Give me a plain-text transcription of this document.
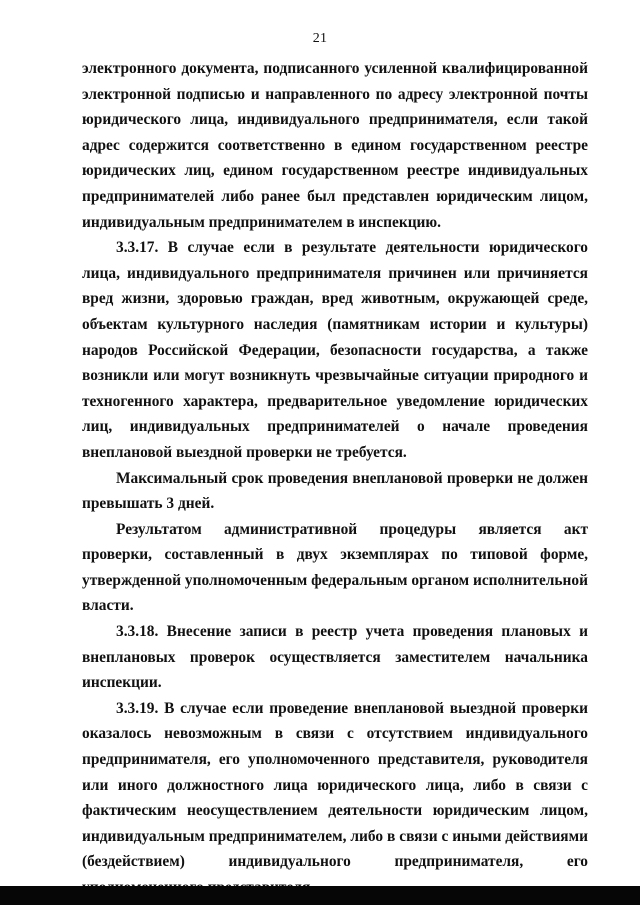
21

электронного документа, подписанного усиленной квалифицированной электронной подписью и направленного по адресу электронной почты юридического лица, индивидуального предпринимателя, если такой адрес содержится соответственно в едином государственном реестре юридических лиц, едином государственном реестре индивидуальных предпринимателей либо ранее был представлен юридическим лицом, индивидуальным предпринимателем в инспекцию.

3.3.17. В случае если в результате деятельности юридического лица, индивидуального предпринимателя причинен или причиняется вред жизни, здоровью граждан, вред животным, окружающей среде, объектам культурного наследия (памятникам истории и культуры) народов Российской Федерации, безопасности государства, а также возникли или могут возникнуть чрезвычайные ситуации природного и техногенного характера, предварительное уведомление юридических лиц, индивидуальных предпринимателей о начале проведения внеплановой выездной проверки не требуется.

Максимальный срок проведения внеплановой проверки не должен превышать 3 дней.

Результатом административной процедуры является акт проверки, составленный в двух экземплярах по типовой форме, утвержденной уполномоченным федеральным органом исполнительной власти.

3.3.18. Внесение записи в реестр учета проведения плановых и внеплановых проверок осуществляется заместителем начальника инспекции.

3.3.19. В случае если проведение внеплановой выездной проверки оказалось невозможным в связи с отсутствием индивидуального предпринимателя, его уполномоченного представителя, руководителя или иного должностного лица юридического лица, либо в связи с фактическим неосуществлением деятельности юридическим лицом, индивидуальным предпринимателем, либо в связи с иными действиями (бездействием) индивидуального предпринимателя, его
